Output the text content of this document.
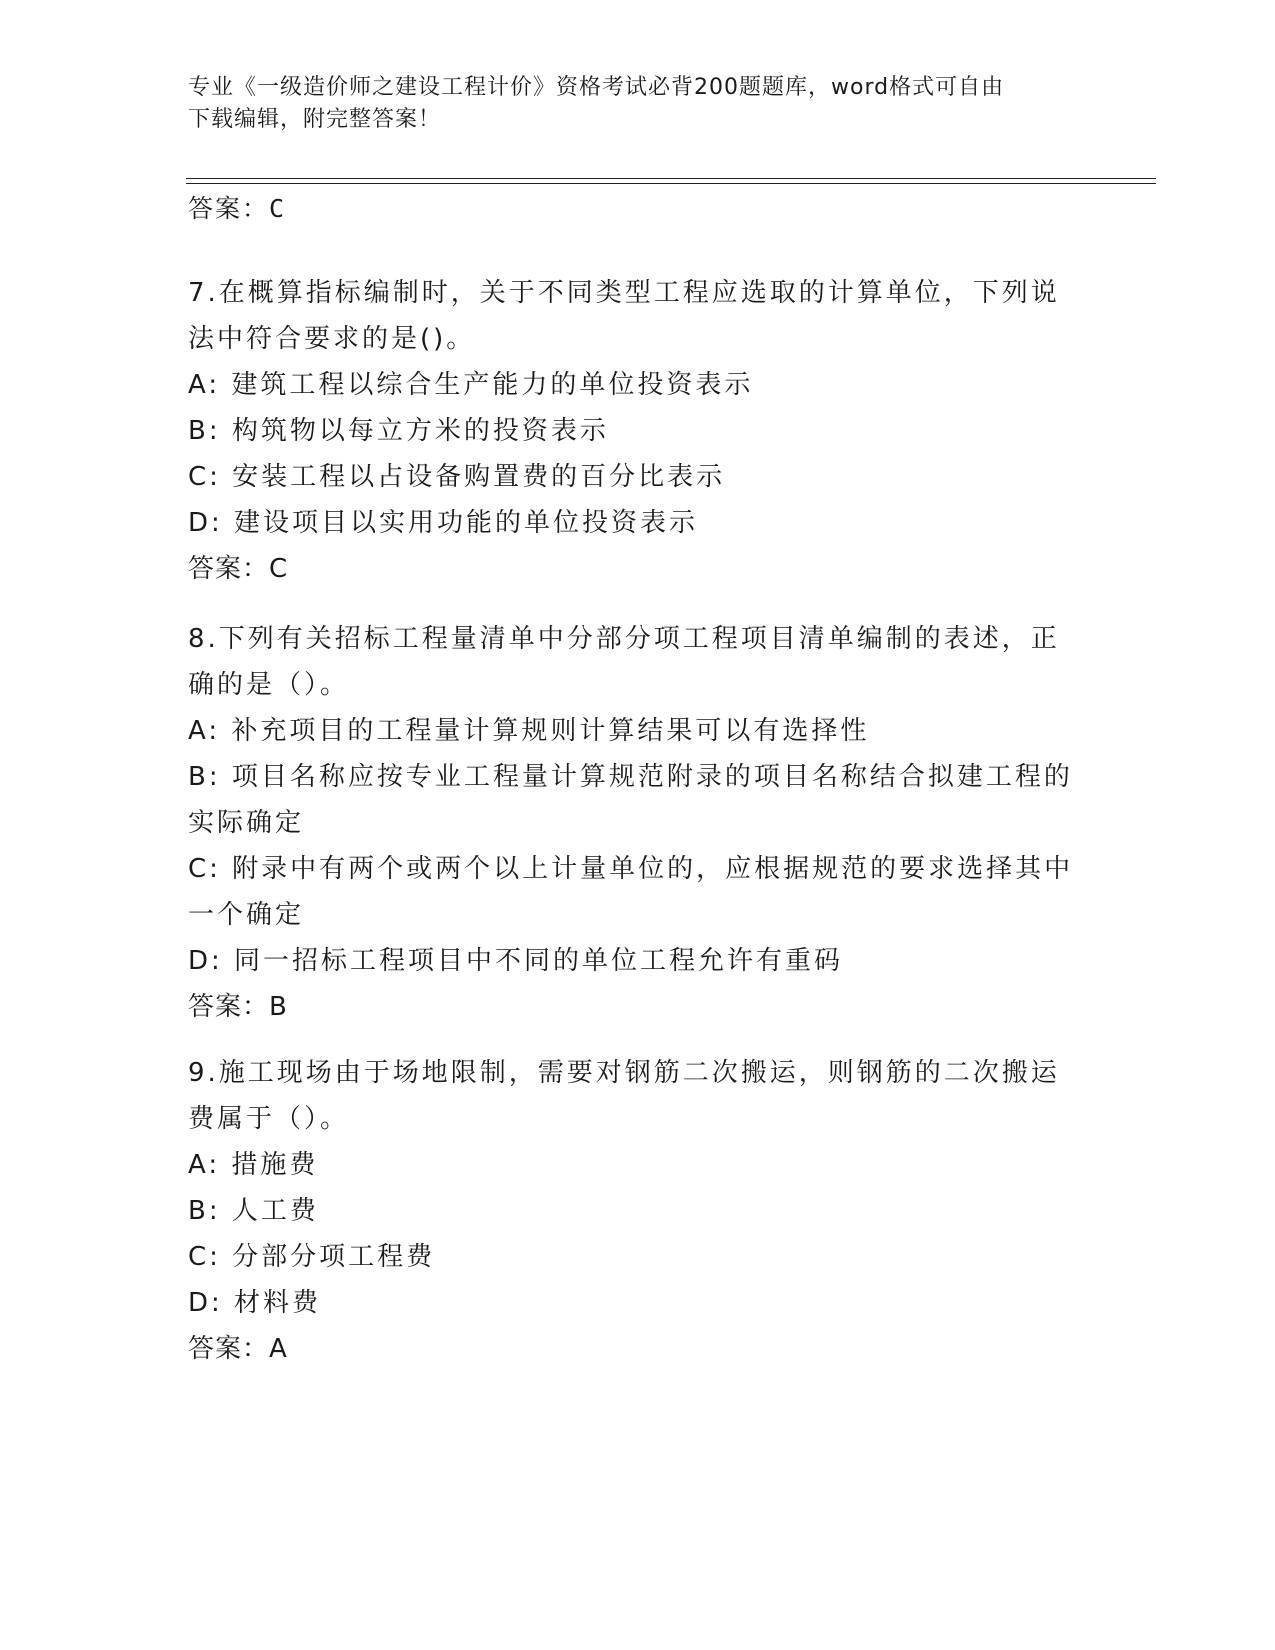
专业《一级造价师之建设工程计价》资格考试必背200题题库，word格式可自由
下载编辑，附完整答案！
答案：C
7.在概算指标编制时，关于不同类型工程应选取的计算单位，下列说
法中符合要求的是()。
A: 建筑工程以综合生产能力的单位投资表示
B: 构筑物以每立方米的投资表示
C: 安装工程以占设备购置费的百分比表示
D: 建设项目以实用功能的单位投资表示
答案：C
8.下列有关招标工程量清单中分部分项工程项目清单编制的表述，正
确的是（）。
A: 补充项目的工程量计算规则计算结果可以有选择性
B: 项目名称应按专业工程量计算规范附录的项目名称结合拟建工程的
实际确定
C: 附录中有两个或两个以上计量单位的，应根据规范的要求选择其中
一个确定
D: 同一招标工程项目中不同的单位工程允许有重码
答案：B
9.施工现场由于场地限制，需要对钢筋二次搬运，则钢筋的二次搬运
费属于（）。
A: 措施费
B: 人工费
C: 分部分项工程费
D: 材料费
答案：A
